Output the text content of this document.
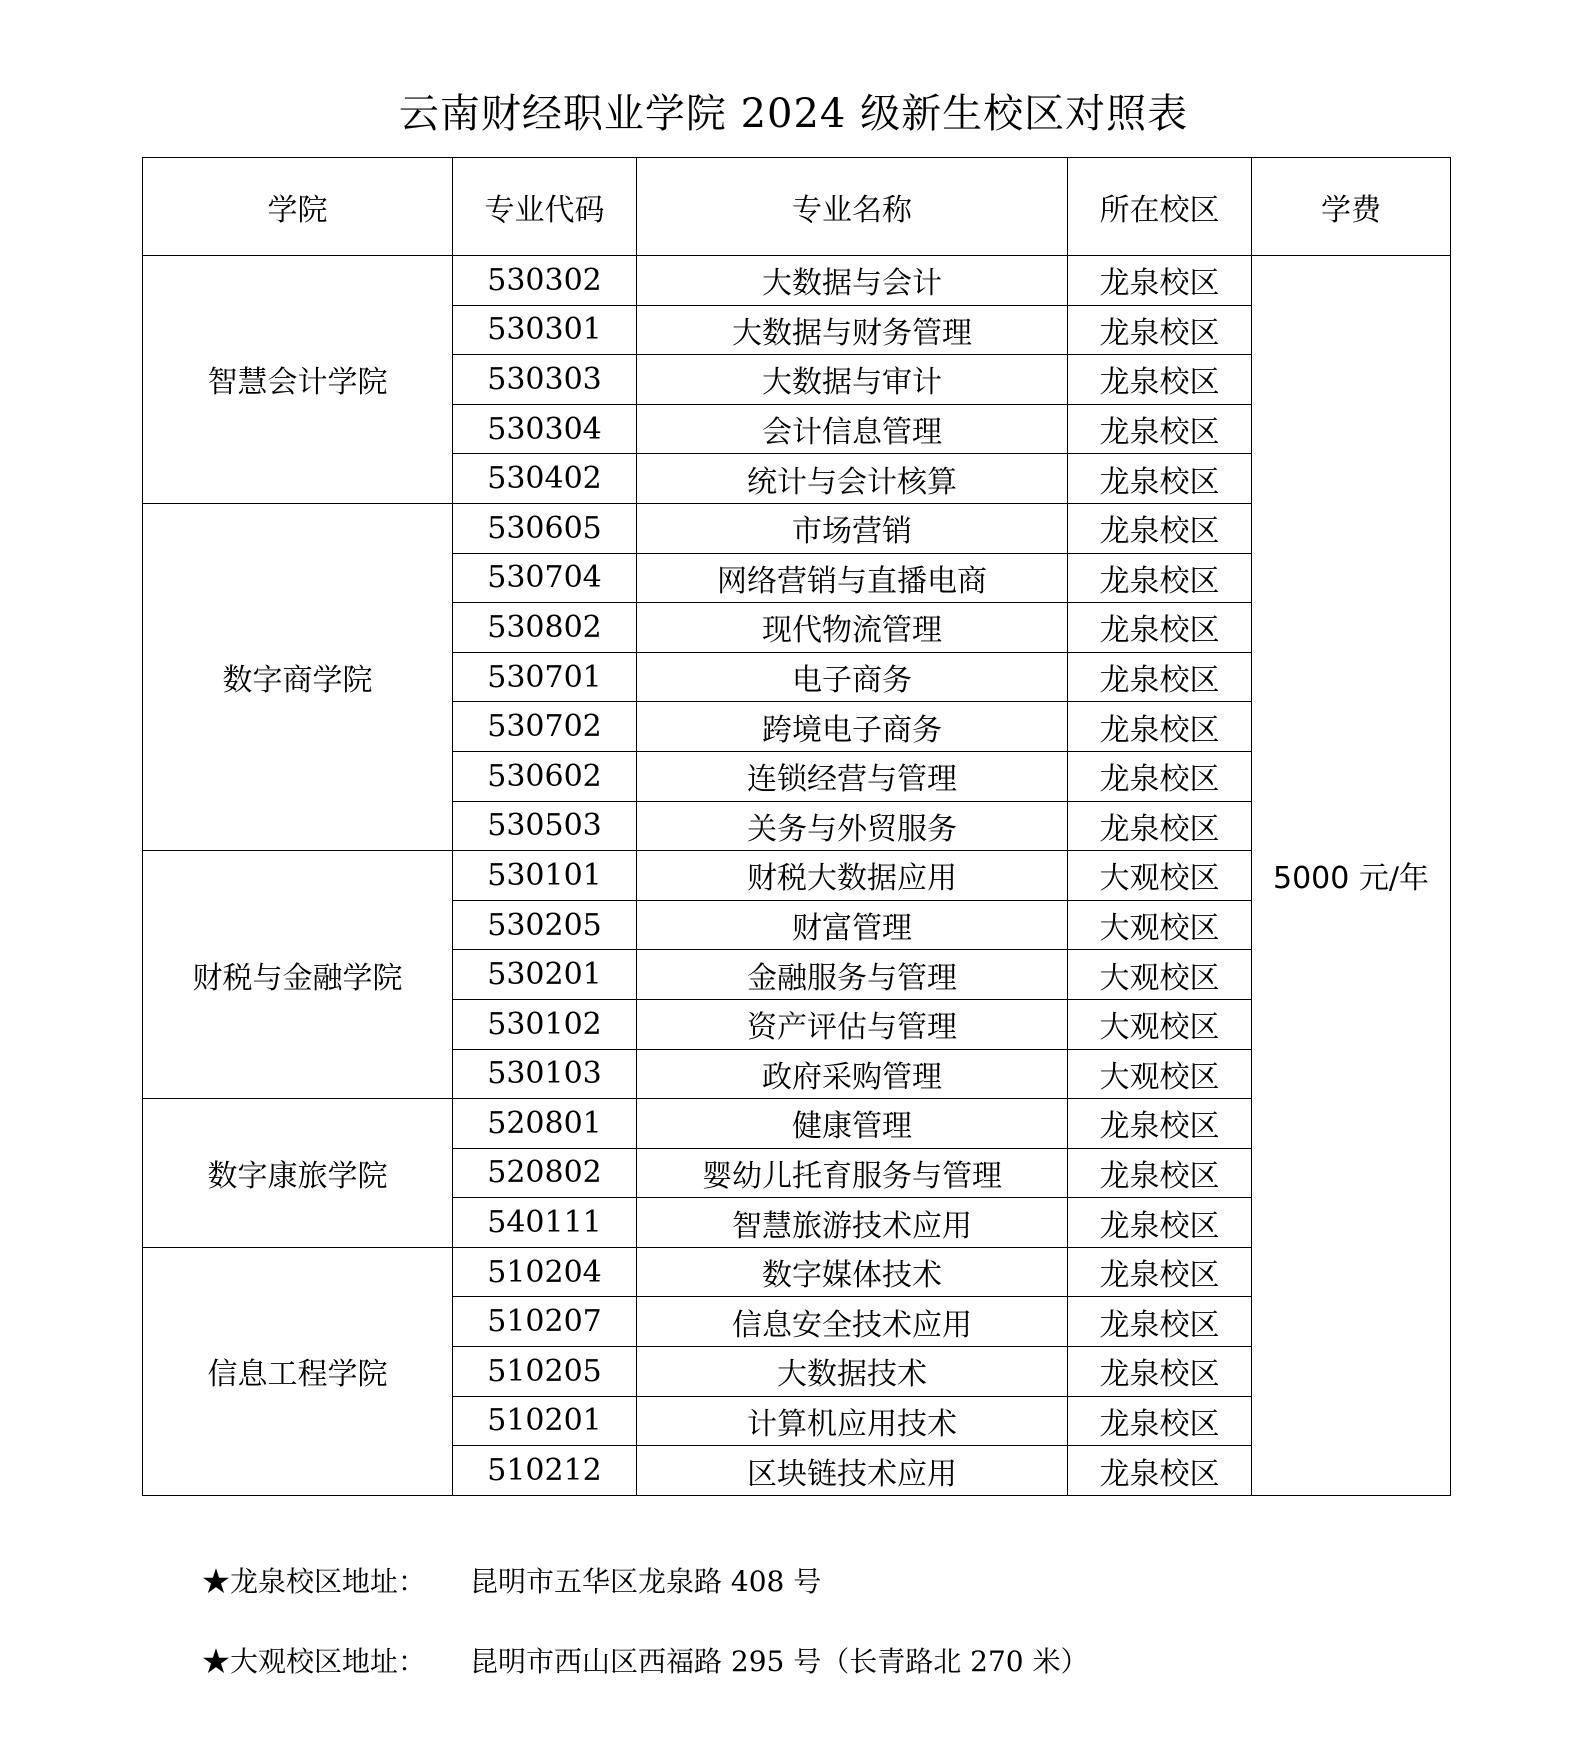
云南财经职业学院 2024 级新生校区对照表
学院	专业代码	专业名称	所在校区	学费
智慧会计学院	530302	大数据与会计	龙泉校区	5000 元/年
	530301	大数据与财务管理	龙泉校区	
	530303	大数据与审计	龙泉校区	
	530304	会计信息管理	龙泉校区	
	530402	统计与会计核算	龙泉校区	
数字商学院	530605	市场营销	龙泉校区	
	530704	网络营销与直播电商	龙泉校区	
	530802	现代物流管理	龙泉校区	
	530701	电子商务	龙泉校区	
	530702	跨境电子商务	龙泉校区	
	530602	连锁经营与管理	龙泉校区	
	530503	关务与外贸服务	龙泉校区	
财税与金融学院	530101	财税大数据应用	大观校区	
	530205	财富管理	大观校区	
	530201	金融服务与管理	大观校区	
	530102	资产评估与管理	大观校区	
	530103	政府采购管理	大观校区	
数字康旅学院	520801	健康管理	龙泉校区	
	520802	婴幼儿托育服务与管理	龙泉校区	
	540111	智慧旅游技术应用	龙泉校区	
信息工程学院	510204	数字媒体技术	龙泉校区	
	510207	信息安全技术应用	龙泉校区	
	510205	大数据技术	龙泉校区	
	510201	计算机应用技术	龙泉校区	
	510212	区块链技术应用	龙泉校区	
★龙泉校区地址： 昆明市五华区龙泉路 408 号
★大观校区地址： 昆明市西山区西福路 295 号（长青路北 270 米）
